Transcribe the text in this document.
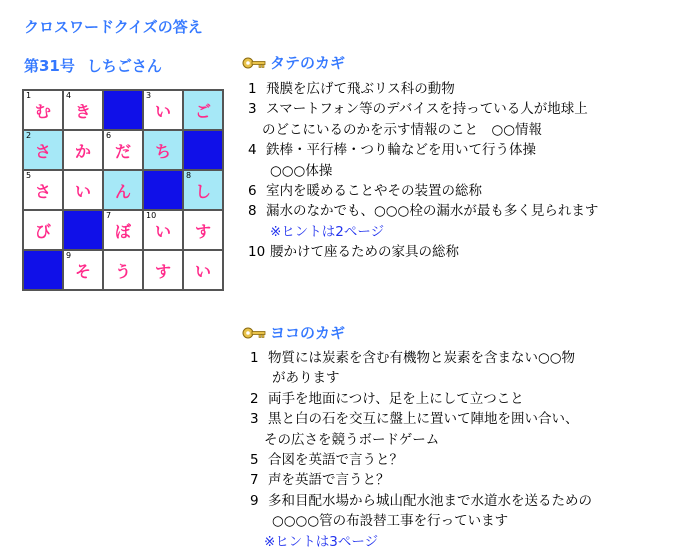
クロスワードクイズの答え
第31号 しちごさん
1
む
4
き
3
い ご
2
さ か
6
だ ち
5
さ い ん
8
し
び
7
ぼ
10
い す
9
そ う す い
タテのカギ
1 飛膜を広げて飛ぶリス科の動物
3 スマートフォン等のデバイスを持っている人が地球上
のどこにいるのかを示す情報のこと　○○情報
4 鉄棒・平行棒・つり輪などを用いて行う体操
○○○体操
6 室内を暖めることやその装置の総称
8 漏水のなかでも、○○○栓の漏水が最も多く見られます
※ヒントは2ページ
10 腰かけて座るための家具の総称
ヨコのカギ
1 物質には炭素を含む有機物と炭素を含まない○○物
があります
2 両手を地面につけ、足を上にして立つこと
3 黒と白の石を交互に盤上に置いて陣地を囲い合い、
その広さを競うボードゲーム
5 合図を英語で言うと？
7 声を英語で言うと？
9 多和目配水場から城山配水池まで水道水を送るための
○○○○管の布設替工事を行っています
※ヒントは3ページ
